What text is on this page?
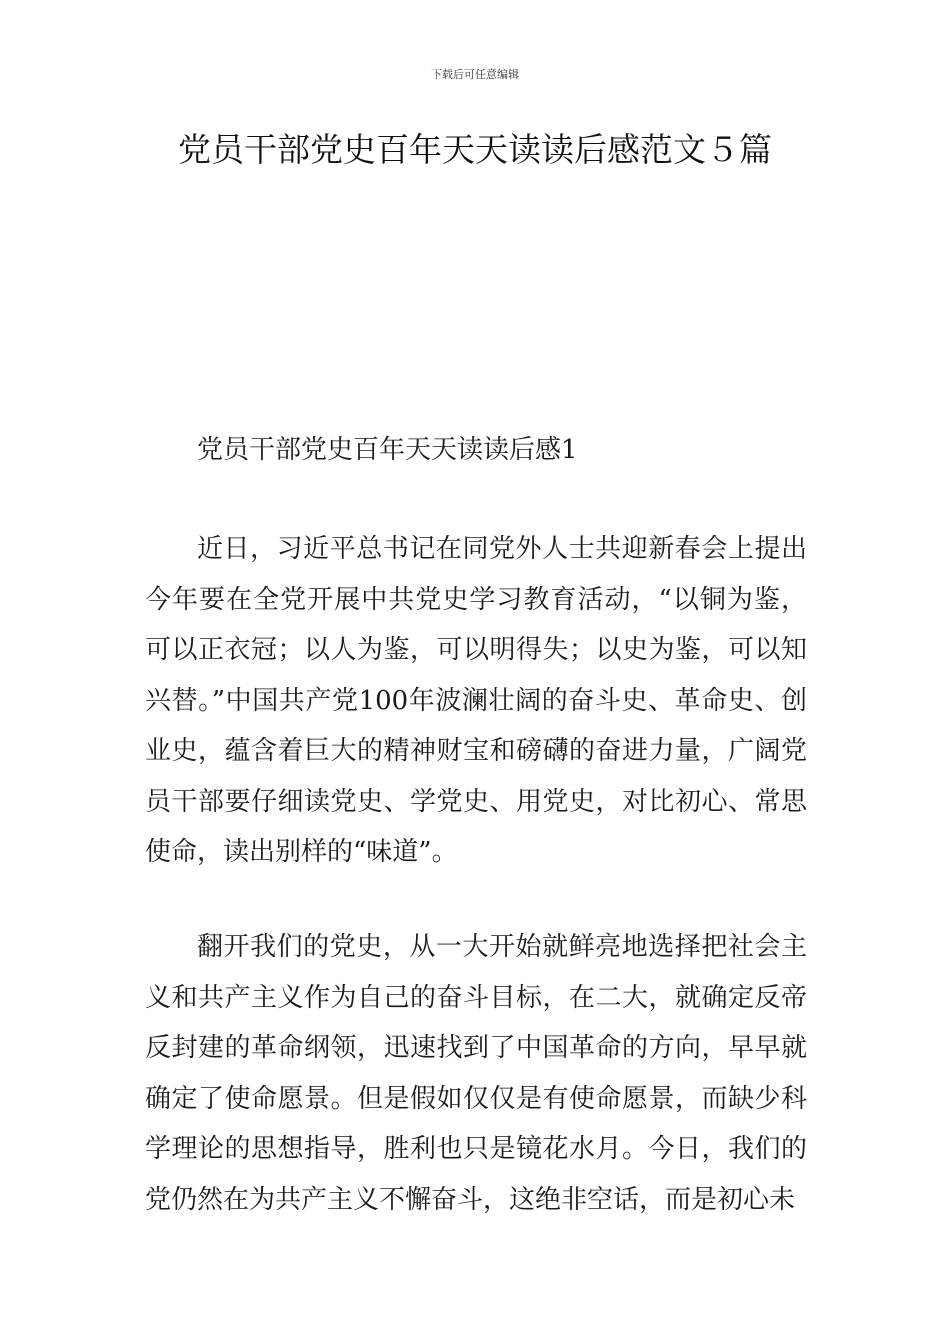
下载后可任意编辑
党员干部党史百年天天读读后感范文５篇

党员干部党史百年天天读读后感1

近日，习近平总书记在同党外人士共迎新春会上提出今年要在全党开展中共党史学习教育活动，“以铜为鉴，可以正衣冠；以人为鉴，可以明得失；以史为鉴，可以知兴替。”中国共产党100年波澜壮阔的奋斗史、革命史、创业史，蕴含着巨大的精神财宝和磅礴的奋进力量，广阔党员干部要仔细读党史、学党史、用党史，对比初心、常思使命，读出别样的“味道”。

翻开我们的党史，从一大开始就鲜亮地选择把社会主义和共产主义作为自己的奋斗目标，在二大，就确定反帝反封建的革命纲领，迅速找到了中国革命的方向，早早就确定了使命愿景。但是假如仅仅是有使命愿景，而缺少科学理论的思想指导，胜利也只是镜花水月。今日，我们的党仍然在为共产主义不懈奋斗，这绝非空话，而是初心未
